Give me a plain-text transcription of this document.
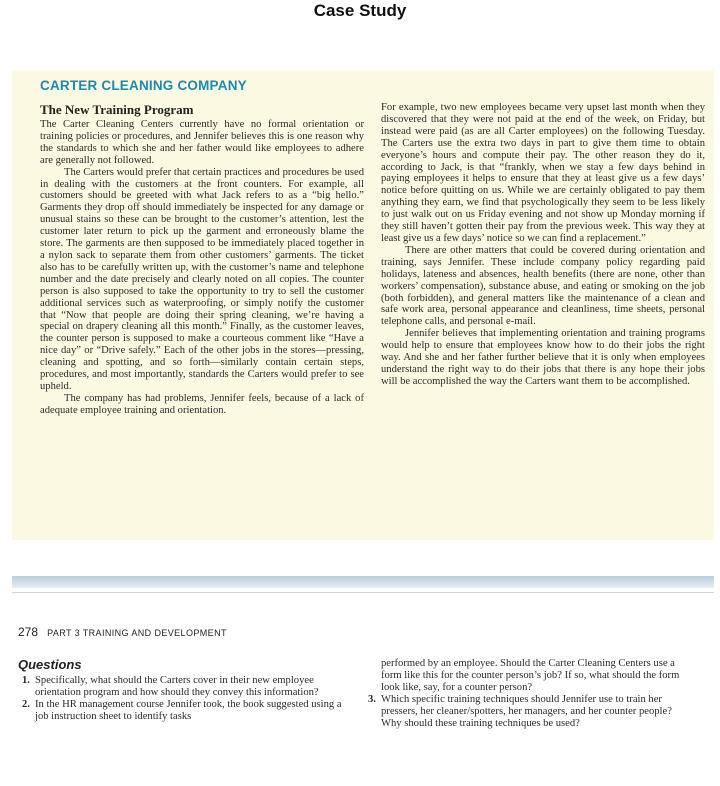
Case Study
CARTER CLEANING COMPANY
The New Training Program

The Carter Cleaning Centers currently have no formal orientation or training policies or procedures, and Jennifer believes this is one reason why the standards to which she and her father would like employees to adhere are generally not followed.

The Carters would prefer that certain practices and procedures be used in dealing with the customers at the front counters. For example, all customers should be greeted with what Jack refers to as a “big hello.” Garments they drop off should immediately be inspected for any damage or unusual stains so these can be brought to the customer’s attention, lest the customer later return to pick up the garment and erroneously blame the store. The garments are then supposed to be immediately placed together in a nylon sack to separate them from other customers’ garments. The ticket also has to be carefully written up, with the customer’s name and telephone number and the date precisely and clearly noted on all copies. The counter person is also supposed to take the opportunity to try to sell the customer additional services such as waterproofing, or simply notify the customer that “Now that people are doing their spring cleaning, we’re having a special on drapery cleaning all this month.” Finally, as the customer leaves, the counter person is supposed to make a courteous comment like “Have a nice day” or “Drive safely.” Each of the other jobs in the stores—pressing, cleaning and spotting, and so forth—similarly contain certain steps, procedures, and most importantly, standards the Carters would prefer to see upheld.

The company has had problems, Jennifer feels, because of a lack of adequate employee training and orientation.

For example, two new employees became very upset last month when they discovered that they were not paid at the end of the week, on Friday, but instead were paid (as are all Carter employees) on the following Tuesday. The Carters use the extra two days in part to give them time to obtain everyone’s hours and compute their pay. The other reason they do it, according to Jack, is that “frankly, when we stay a few days behind in paying employees it helps to ensure that they at least give us a few days’ notice before quitting on us. While we are certainly obligated to pay them anything they earn, we find that psychologically they seem to be less likely to just walk out on us Friday evening and not show up Monday morning if they still haven’t gotten their pay from the previous week. This way they at least give us a few days’ notice so we can find a replacement.”

There are other matters that could be covered during orientation and training, says Jennifer. These include company policy regarding paid holidays, lateness and absences, health benefits (there are none, other than workers’ compensation), substance abuse, and eating or smoking on the job (both forbidden), and general matters like the maintenance of a clean and safe work area, personal appearance and cleanliness, time sheets, personal telephone calls, and personal e-mail.

Jennifer believes that implementing orientation and training programs would help to ensure that employees know how to do their jobs the right way. And she and her father further believe that it is only when employees understand the right way to do their jobs that there is any hope their jobs will be accomplished the way the Carters want them to be accomplished.

278 PART 3 TRAINING AND DEVELOPMENT
Questions
1. Specifically, what should the Carters cover in their new employee orientation program and how should they convey this information?
2. In the HR management course Jennifer took, the book suggested using a job instruction sheet to identify tasks
performed by an employee. Should the Carter Cleaning Centers use a form like this for the counter person’s job? If so, what should the form look like, say, for a counter person?
3. Which specific training techniques should Jennifer use to train her pressers, her cleaner/spotters, her managers, and her counter people? Why should these training techniques be used?
